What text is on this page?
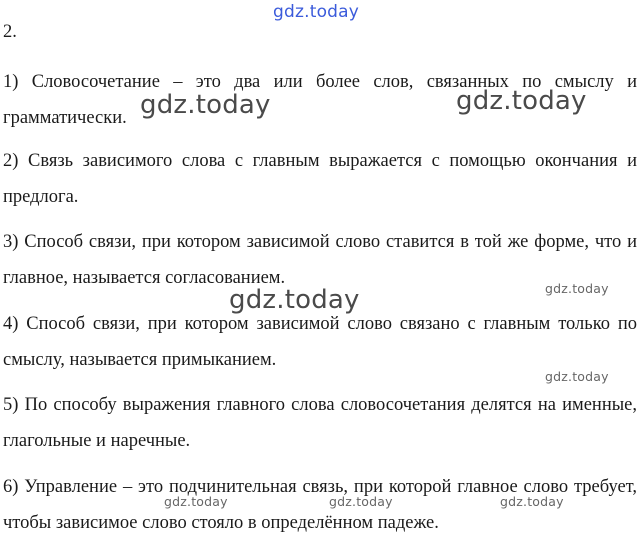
2.

1) Словосочетание – это два или более слов, связанных по смыслу и грамматически.

2) Связь зависимого слова с главным выражается с помощью окончания и предлога.

3) Способ связи, при котором зависимой слово ставится в той же форме, что и главное, называется согласованием.

4) Способ связи, при котором зависимой слово связано с главным только по смыслу, называется примыканием.

5) По способу выражения главного слова словосочетания делятся на именные, глагольные и наречные.

6) Управление – это подчинительная связь, при которой главное слово требует, чтобы зависимое слово стояло в определённом падеже.

gdz.today
gdz.today	gdz.today
gdz.today	gdz.today
gdz.today
gdz.today	gdz.today	gdz.today
